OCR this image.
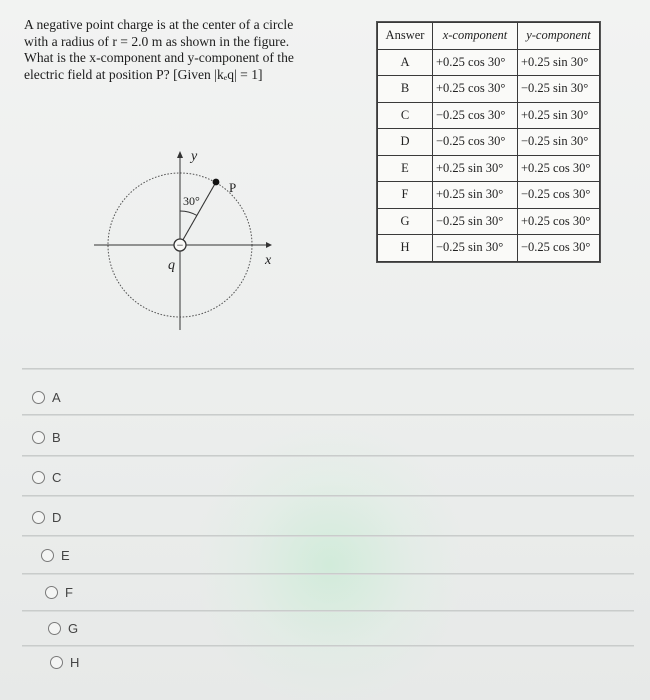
A negative point charge is at the center of a circle
with a radius of r = 2.0 m as shown in the figure.
What is the x-component and y-component of the
electric field at position P? [Given |kₑq| = 1]
−
y
x
30°
P
q
Answer	x-component	y-component
A	+0.25 cos 30°	+0.25 sin 30°
B	+0.25 cos 30°	−0.25 sin 30°
C	−0.25 cos 30°	+0.25 sin 30°
D	−0.25 cos 30°	−0.25 sin 30°
E	+0.25 sin 30°	+0.25 cos 30°
F	+0.25 sin 30°	−0.25 cos 30°
G	−0.25 sin 30°	+0.25 cos 30°
H	−0.25 sin 30°	−0.25 cos 30°
A
B
C
D
E
F
G
H
